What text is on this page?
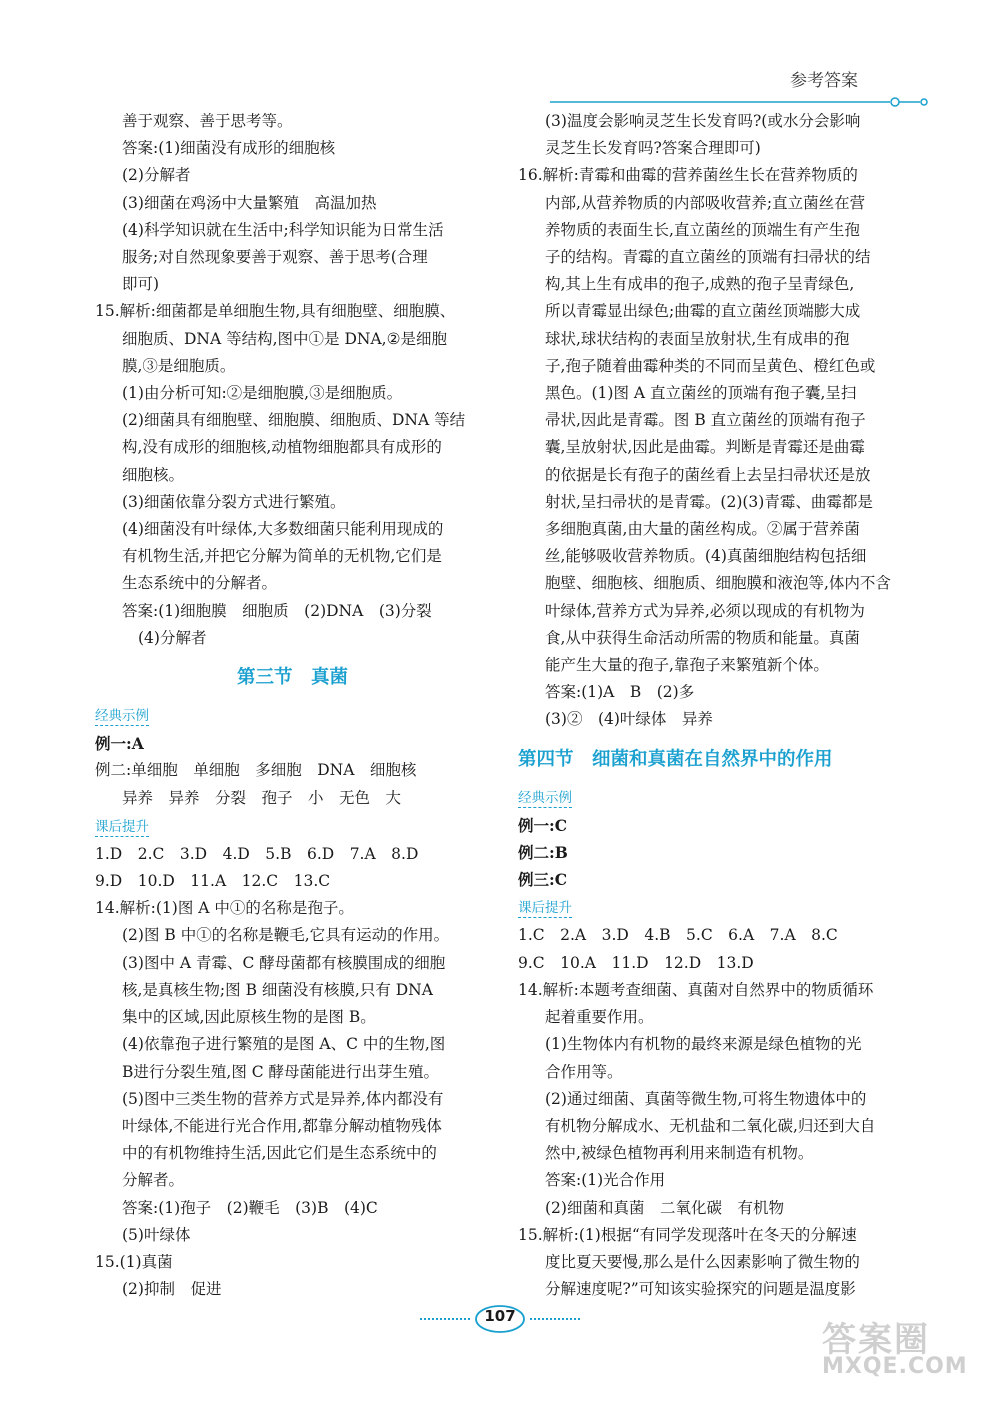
参考答案

善于观察、善于思考等。

答案:(1)细菌没有成形的细胞核

(2)分解者

(3)细菌在鸡汤中大量繁殖　高温加热

(4)科学知识就在生活中;科学知识能为日常生活

服务;对自然现象要善于观察、善于思考(合理

即可)

15.解析:细菌都是单细胞生物,具有细胞壁、细胞膜、

细胞质、DNA 等结构,图中①是 DNA,②是细胞

膜,③是细胞质。

(1)由分析可知:②是细胞膜,③是细胞质。

(2)细菌具有细胞壁、细胞膜、细胞质、DNA 等结

构,没有成形的细胞核,动植物细胞都具有成形的

细胞核。

(3)细菌依靠分裂方式进行繁殖。

(4)细菌没有叶绿体,大多数细菌只能利用现成的

有机物生活,并把它分解为简单的无机物,它们是

生态系统中的分解者。

答案:(1)细胞膜　细胞质　(2)DNA　(3)分裂

(4)分解者

第三节　真菌
经典示例

例一:A

例二:单细胞　单细胞　多细胞　DNA　细胞核

异养　异养　分裂　孢子　小　无色　大

课后提升

1.D　2.C　3.D　4.D　5.B　6.D　7.A　8.D

9.D　10.D　11.A　12.C　13.C

14.解析:(1)图 A 中①的名称是孢子。

(2)图 B 中①的名称是鞭毛,它具有运动的作用。

(3)图中 A 青霉、C 酵母菌都有核膜围成的细胞

核,是真核生物;图 B 细菌没有核膜,只有 DNA

集中的区域,因此原核生物的是图 B。

(4)依靠孢子进行繁殖的是图 A、C 中的生物,图

B进行分裂生殖,图 C 酵母菌能进行出芽生殖。

(5)图中三类生物的营养方式是异养,体内都没有

叶绿体,不能进行光合作用,都靠分解动植物残体

中的有机物维持生活,因此它们是生态系统中的

分解者。

答案:(1)孢子　(2)鞭毛　(3)B　(4)C

(5)叶绿体

15.(1)真菌

(2)抑制　促进

(3)温度会影响灵芝生长发育吗?(或水分会影响

灵芝生长发育吗?答案合理即可)

16.解析:青霉和曲霉的营养菌丝生长在营养物质的

内部,从营养物质的内部吸收营养;直立菌丝在营

养物质的表面生长,直立菌丝的顶端生有产生孢

子的结构。青霉的直立菌丝的顶端有扫帚状的结

构,其上生有成串的孢子,成熟的孢子呈青绿色,

所以青霉显出绿色;曲霉的直立菌丝顶端膨大成

球状,球状结构的表面呈放射状,生有成串的孢

子,孢子随着曲霉种类的不同而呈黄色、橙红色或

黑色。(1)图 A 直立菌丝的顶端有孢子囊,呈扫

帚状,因此是青霉。图 B 直立菌丝的顶端有孢子

囊,呈放射状,因此是曲霉。判断是青霉还是曲霉

的依据是长有孢子的菌丝看上去呈扫帚状还是放

射状,呈扫帚状的是青霉。(2)(3)青霉、曲霉都是

多细胞真菌,由大量的菌丝构成。②属于营养菌

丝,能够吸收营养物质。(4)真菌细胞结构包括细

胞壁、细胞核、细胞质、细胞膜和液泡等,体内不含

叶绿体,营养方式为异养,必须以现成的有机物为

食,从中获得生命活动所需的物质和能量。真菌

能产生大量的孢子,靠孢子来繁殖新个体。

答案:(1)A　B　(2)多

(3)②　(4)叶绿体　异养

第四节　细菌和真菌在自然界中的作用
经典示例

例一:C

例二:B

例三:C

课后提升

1.C　2.A　3.D　4.B　5.C　6.A　7.A　8.C

9.C　10.A　11.D　12.D　13.D

14.解析:本题考查细菌、真菌对自然界中的物质循环

起着重要作用。

(1)生物体内有机物的最终来源是绿色植物的光

合作用等。

(2)通过细菌、真菌等微生物,可将生物遗体中的

有机物分解成水、无机盐和二氧化碳,归还到大自

然中,被绿色植物再利用来制造有机物。

答案:(1)光合作用

(2)细菌和真菌　二氧化碳　有机物

15.解析:(1)根据“有同学发现落叶在冬天的分解速

度比夏天要慢,那么是什么因素影响了微生物的

分解速度呢?”可知该实验探究的问题是温度影

107
答案圈
MXQE.COM
